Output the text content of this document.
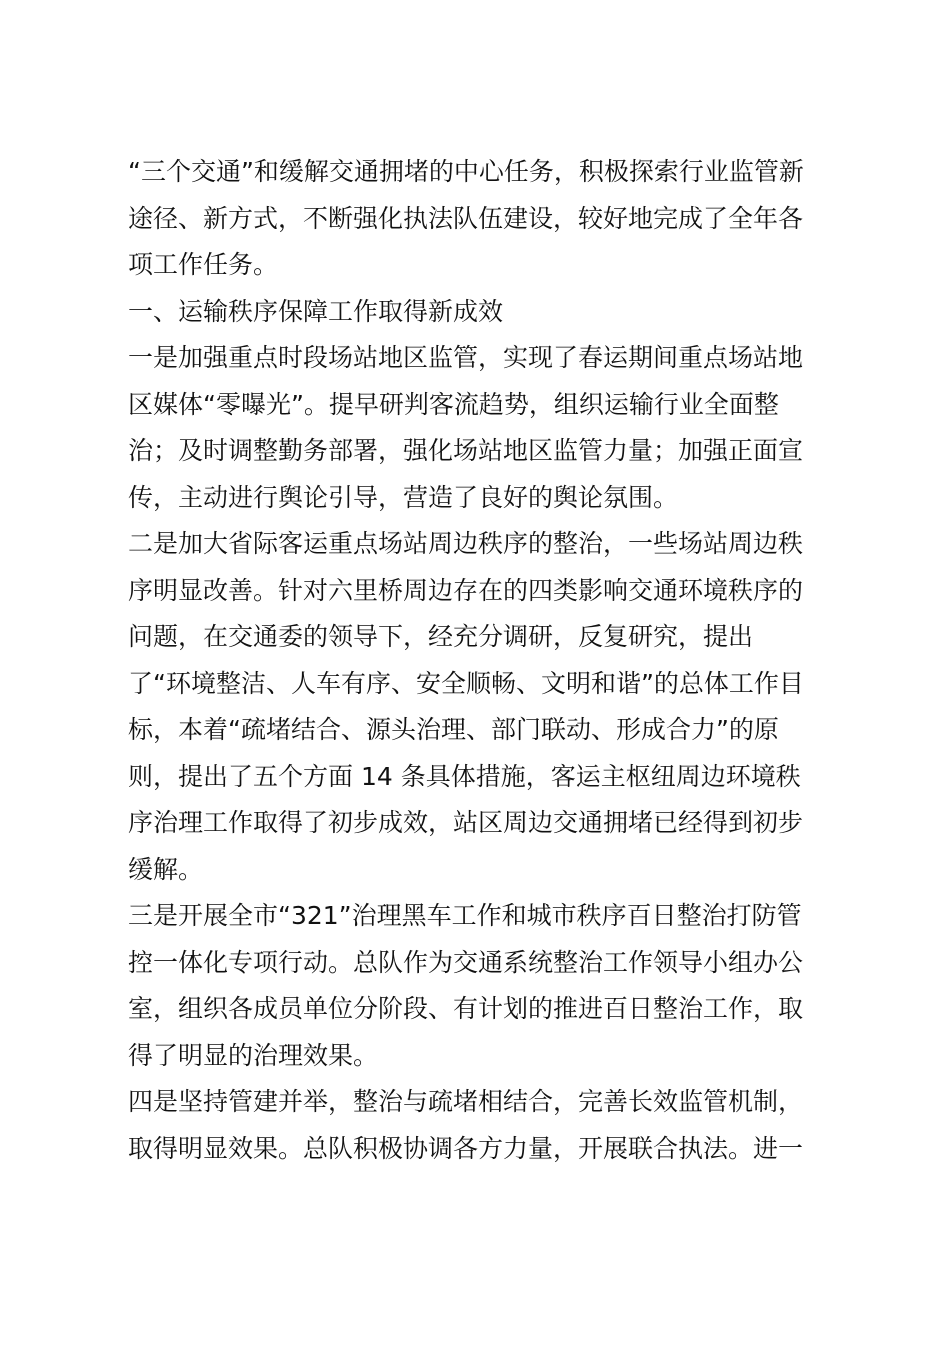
“三个交通”和缓解交通拥堵的中心任务，积极探索行业监管新
途径、新方式，不断强化执法队伍建设，较好地完成了全年各
项工作任务。
一、运输秩序保障工作取得新成效
一是加强重点时段场站地区监管，实现了春运期间重点场站地
区媒体“零曝光”。提早研判客流趋势，组织运输行业全面整
治；及时调整勤务部署，强化场站地区监管力量；加强正面宣
传，主动进行舆论引导，营造了良好的舆论氛围。
二是加大省际客运重点场站周边秩序的整治，一些场站周边秩
序明显改善。针对六里桥周边存在的四类影响交通环境秩序的
问题，在交通委的领导下，经充分调研，反复研究，提出
了“环境整洁、人车有序、安全顺畅、文明和谐”的总体工作目
标，本着“疏堵结合、源头治理、部门联动、形成合力”的原
则，提出了五个方面 14 条具体措施，客运主枢纽周边环境秩
序治理工作取得了初步成效，站区周边交通拥堵已经得到初步
缓解。
三是开展全市“321”治理黑车工作和城市秩序百日整治打防管
控一体化专项行动。总队作为交通系统整治工作领导小组办公
室，组织各成员单位分阶段、有计划的推进百日整治工作，取
得了明显的治理效果。
四是坚持管建并举，整治与疏堵相结合，完善长效监管机制，
取得明显效果。总队积极协调各方力量，开展联合执法。进一
